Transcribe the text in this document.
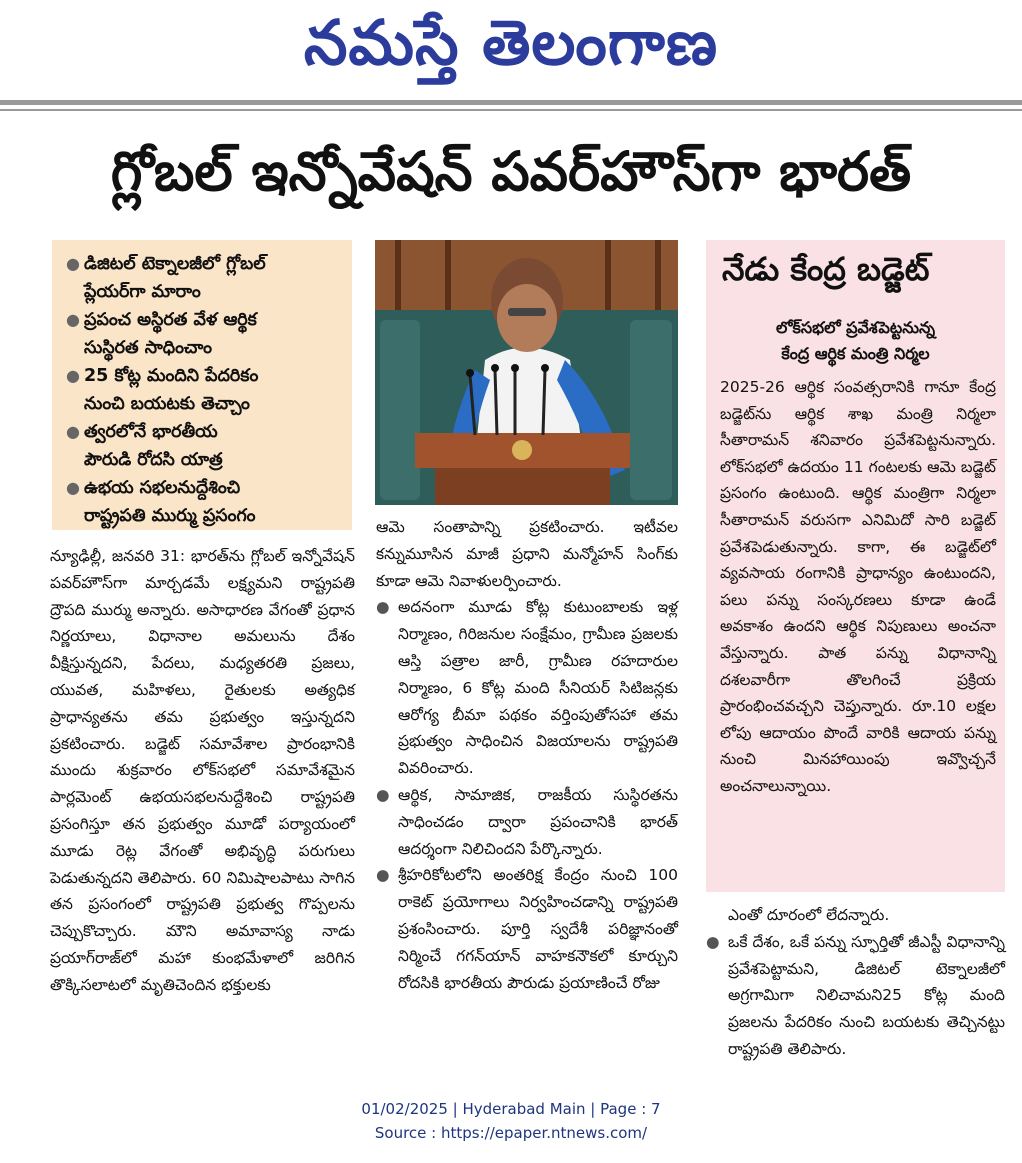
నమస్తే తెలంగాణ
గ్లోబల్ ఇన్నోవేషన్ పవర్‌హౌస్‌గా భారత్
● డిజిటల్ టెక్నాలజీలో గ్లోబల్
ప్లేయర్‌గా మారాం
● ప్రపంచ అస్థిరత వేళ ఆర్థిక
సుస్థిరత సాధించాం
● 25 కోట్ల మందిని పేదరికం
నుంచి బయటకు తెచ్చాం
● త్వరలోనే భారతీయ
పౌరుడి రోదసి యాత్ర
● ఉభయ సభలనుద్దేశించి
రాష్ట్రపతి ముర్ము ప్రసంగం
నేడు కేంద్ర బడ్జెట్
లోక్‌సభలో ప్రవేశపెట్టనున్న
కేంద్ర ఆర్థిక మంత్రి నిర్మల
2025-26 ఆర్థిక సంవత్సరానికి గానూ కేంద్ర బడ్జెట్‌ను ఆర్థిక శాఖ మంత్రి నిర్మలా సీతారామన్ శనివారం ప్రవేశపెట్టనున్నారు. లోక్‌సభలో ఉదయం 11 గంటలకు ఆమె బడ్జెట్ ప్రసంగం ఉంటుంది. ఆర్థిక మంత్రిగా నిర్మలా సీతారామన్ వరుసగా ఎనిమిదో సారి బడ్జెట్ ప్రవేశపెడుతున్నారు. కాగా, ఈ బడ్జెట్‌లో వ్యవసాయ రంగానికి ప్రాధాన్యం ఉంటుందని, పలు పన్ను సంస్కరణలు కూడా ఉండే అవకాశం ఉందని ఆర్థిక నిపుణులు అంచనా వేస్తున్నారు. పాత పన్ను విధానాన్ని దశలవారీగా తొలగించే ప్రక్రియ ప్రారంభించవచ్చని చెప్తున్నారు. రూ.10 లక్షల లోపు ఆదాయం పొందే వారికి ఆదాయ పన్ను నుంచి మినహాయింపు ఇవ్వొచ్చనే అంచనాలున్నాయి.

న్యూఢిల్లీ, జనవరి 31: భారత్‌ను గ్లోబల్ ఇన్నోవేషన్ పవర్‌హౌస్‌గా మార్చడమే లక్ష్యమని రాష్ట్రపతి ద్రౌపది ముర్ము అన్నారు. అసాధారణ వేగంతో ప్రధాన నిర్ణయాలు, విధానాల అమలును దేశం వీక్షిస్తున్నదని, పేదలు, మధ్యతరతి ప్రజలు, యువత, మహిళలు, రైతులకు అత్యధిక ప్రాధాన్యతను తమ ప్రభుత్వం ఇస్తున్నదని ప్రకటించారు. బడ్జెట్ సమావేశాల ప్రారంభానికి ముందు శుక్రవారం లోక్‌సభలో సమావేశమైన పార్లమెంట్ ఉభయసభలనుద్దేశించి రాష్ట్రపతి ప్రసంగిస్తూ తన ప్రభుత్వం మూడో పర్యాయంలో మూడు రెట్ల వేగంతో అభివృద్ధి పరుగులు పెడుతున్నదని తెలిపారు. 60 నిమిషాలపాటు సాగిన తన ప్రసంగంలో రాష్ట్రపతి ప్రభుత్వ గొప్పలను చెప్పుకొచ్చారు. మౌని అమావాస్య నాడు ప్రయాగ్‌రాజ్‌లో మహా కుంభమేళాలో జరిగిన తొక్కిసలాటలో మృతిచెందిన భక్తులకు

ఆమె సంతాపాన్ని ప్రకటించారు. ఇటీవల కన్నుమూసిన మాజీ ప్రధాని మన్మోహన్ సింగ్‌కు కూడా ఆమె నివాళులర్పించారు.

● అదనంగా మూడు కోట్ల కుటుంబాలకు ఇళ్ల నిర్మాణం, గిరిజనుల సంక్షేమం, గ్రామీణ ప్రజలకు ఆస్తి పత్రాల జారీ, గ్రామీణ రహదారుల నిర్మాణం, 6 కోట్ల మంది సీనియర్ సిటిజన్లకు ఆరోగ్య బీమా పథకం వర్తింపుతోసహా తమ ప్రభుత్వం సాధించిన విజయాలను రాష్ట్రపతి వివరించారు.

● ఆర్థిక, సామాజిక, రాజకీయ సుస్థిరతను సాధించడం ద్వారా ప్రపంచానికి భారత్ ఆదర్శంగా నిలిచిందని పేర్కొన్నారు.

● శ్రీహరికోటలోని అంతరిక్ష కేంద్రం నుంచి 100 రాకెట్ ప్రయోగాలు నిర్వహించడాన్ని రాష్ట్రపతి ప్రశంసించారు. పూర్తి స్వదేశీ పరిజ్ఞానంతో నిర్మించే గగన్‌యాన్ వాహకనౌకలో కూర్చుని రోదసికి భారతీయ పౌరుడు ప్రయాణించే రోజు

ఎంతో దూరంలో లేదన్నారు.

● ఒకే దేశం, ఒకే పన్ను స్ఫూర్తితో జీఎస్టీ విధానాన్ని ప్రవేశపెట్టామని, డిజిటల్ టెక్నాలజీలో అగ్రగామిగా నిలిచామని25 కోట్ల మంది ప్రజలను పేదరికం నుంచి బయటకు తెచ్చినట్టు రాష్ట్రపతి తెలిపారు.

01/02/2025 | Hyderabad Main | Page : 7
Source : https://epaper.ntnews.com/
